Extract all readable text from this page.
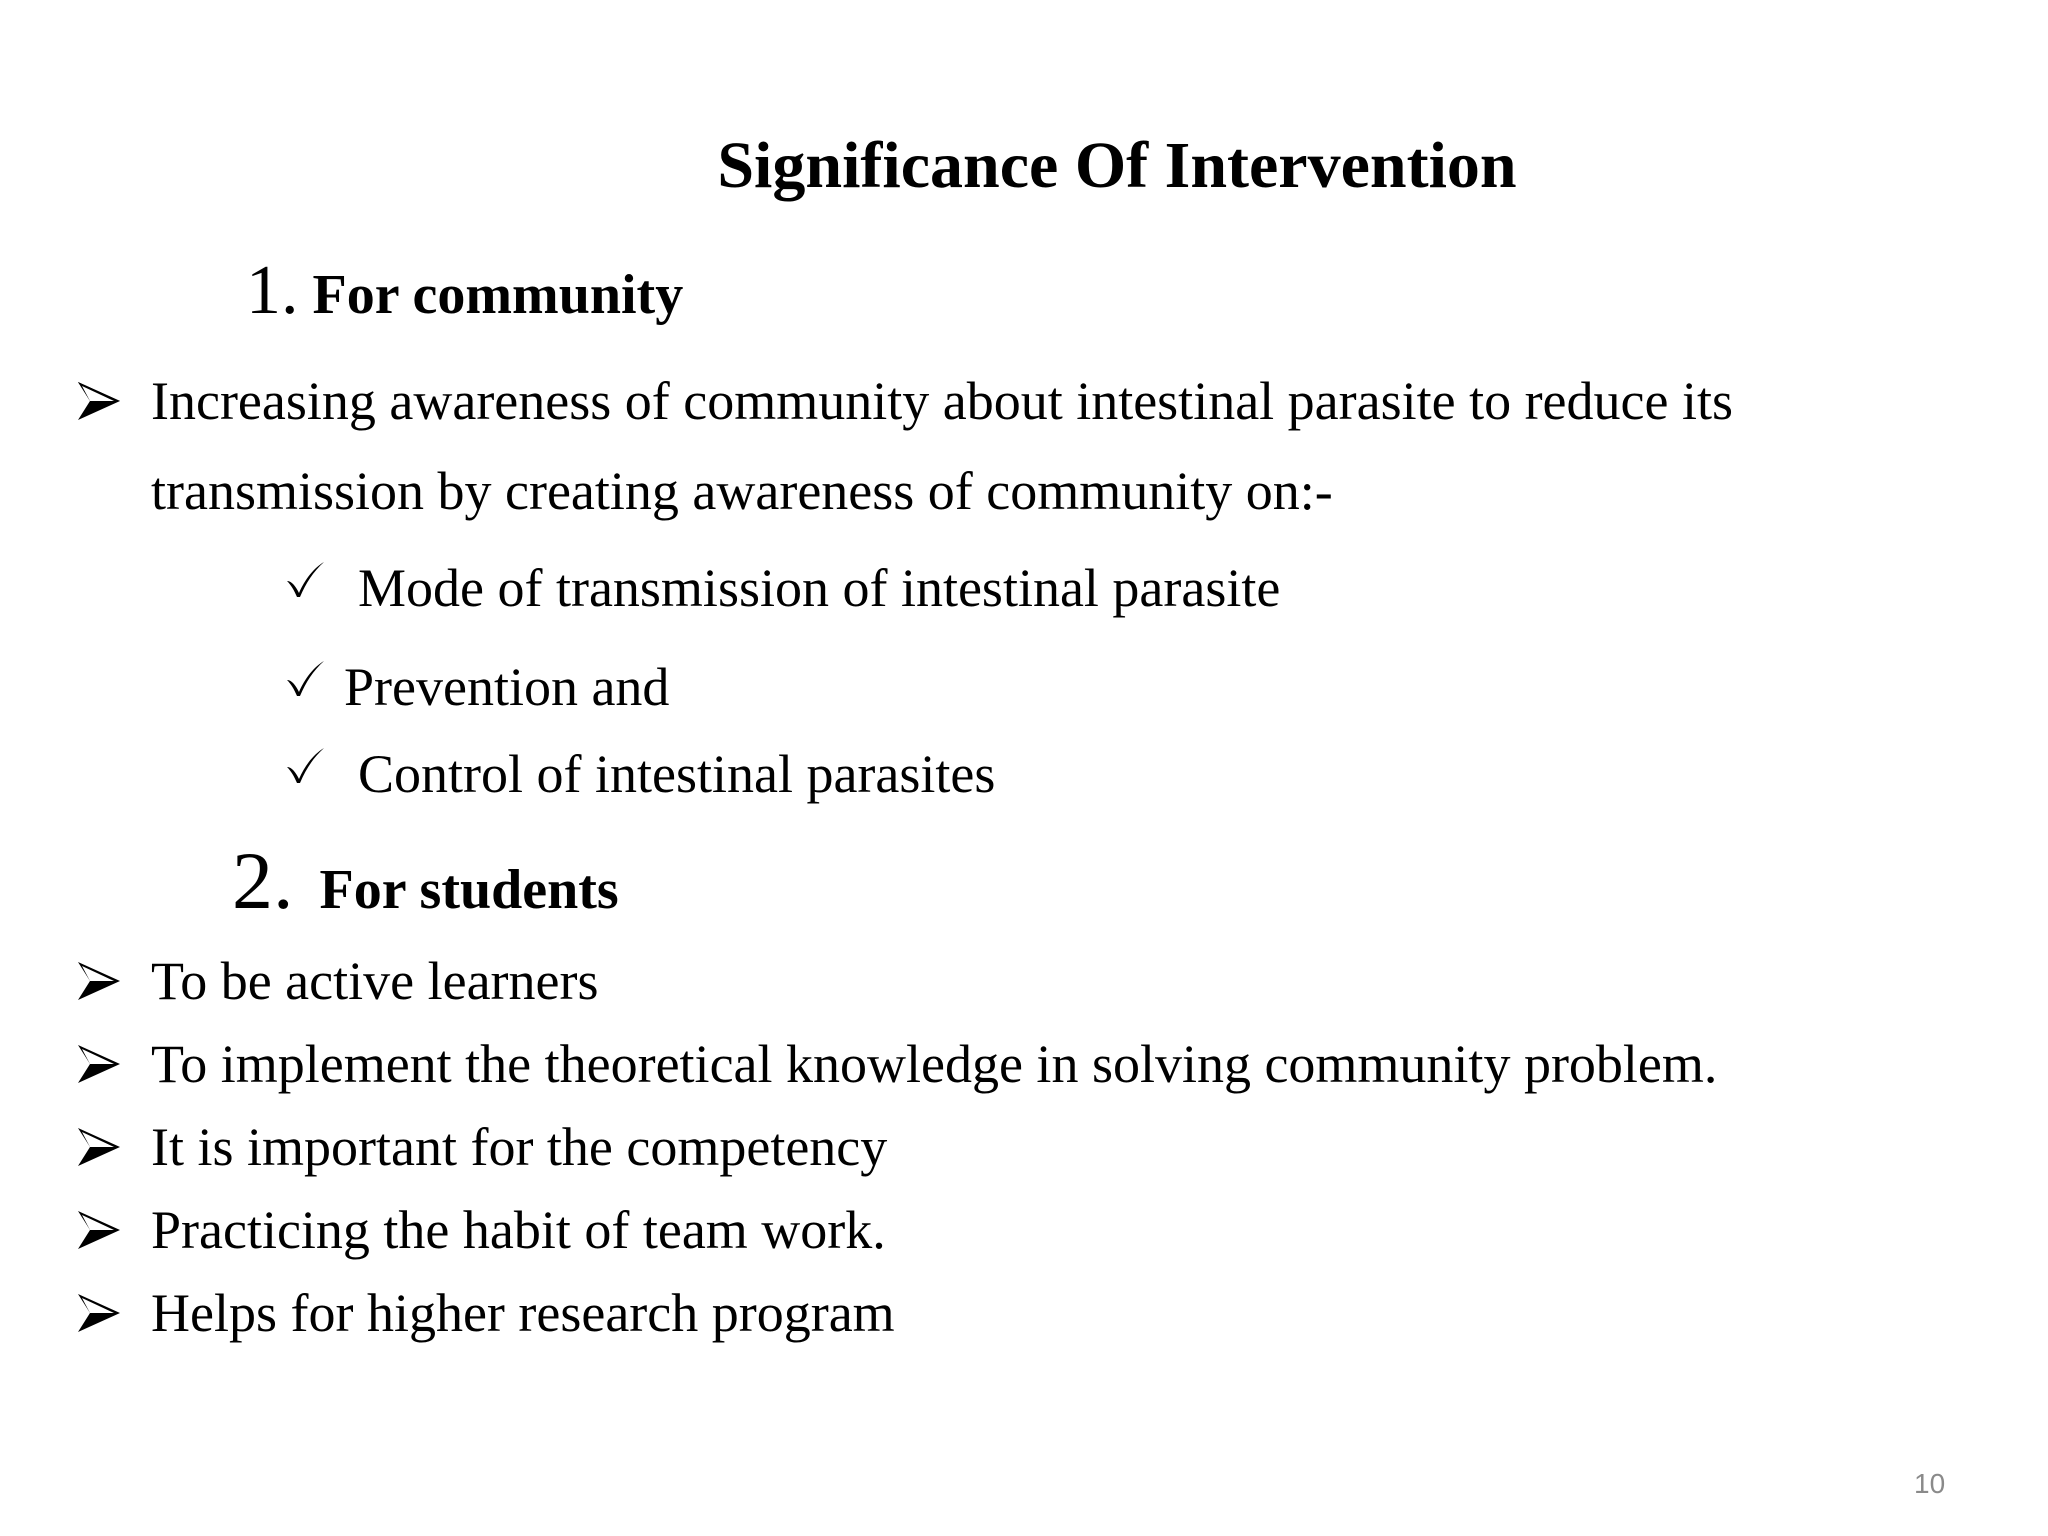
Significance Of Intervention
1. For community
Increasing awareness of community about intestinal parasite to reduce its
transmission by creating awareness of community on:-
Mode of transmission of intestinal parasite
Prevention and
Control of intestinal parasites
2. For students
To be active learners
To implement the theoretical knowledge in solving community problem.
It is important for the competency
Practicing the habit of team work.
Helps for higher research program
10
